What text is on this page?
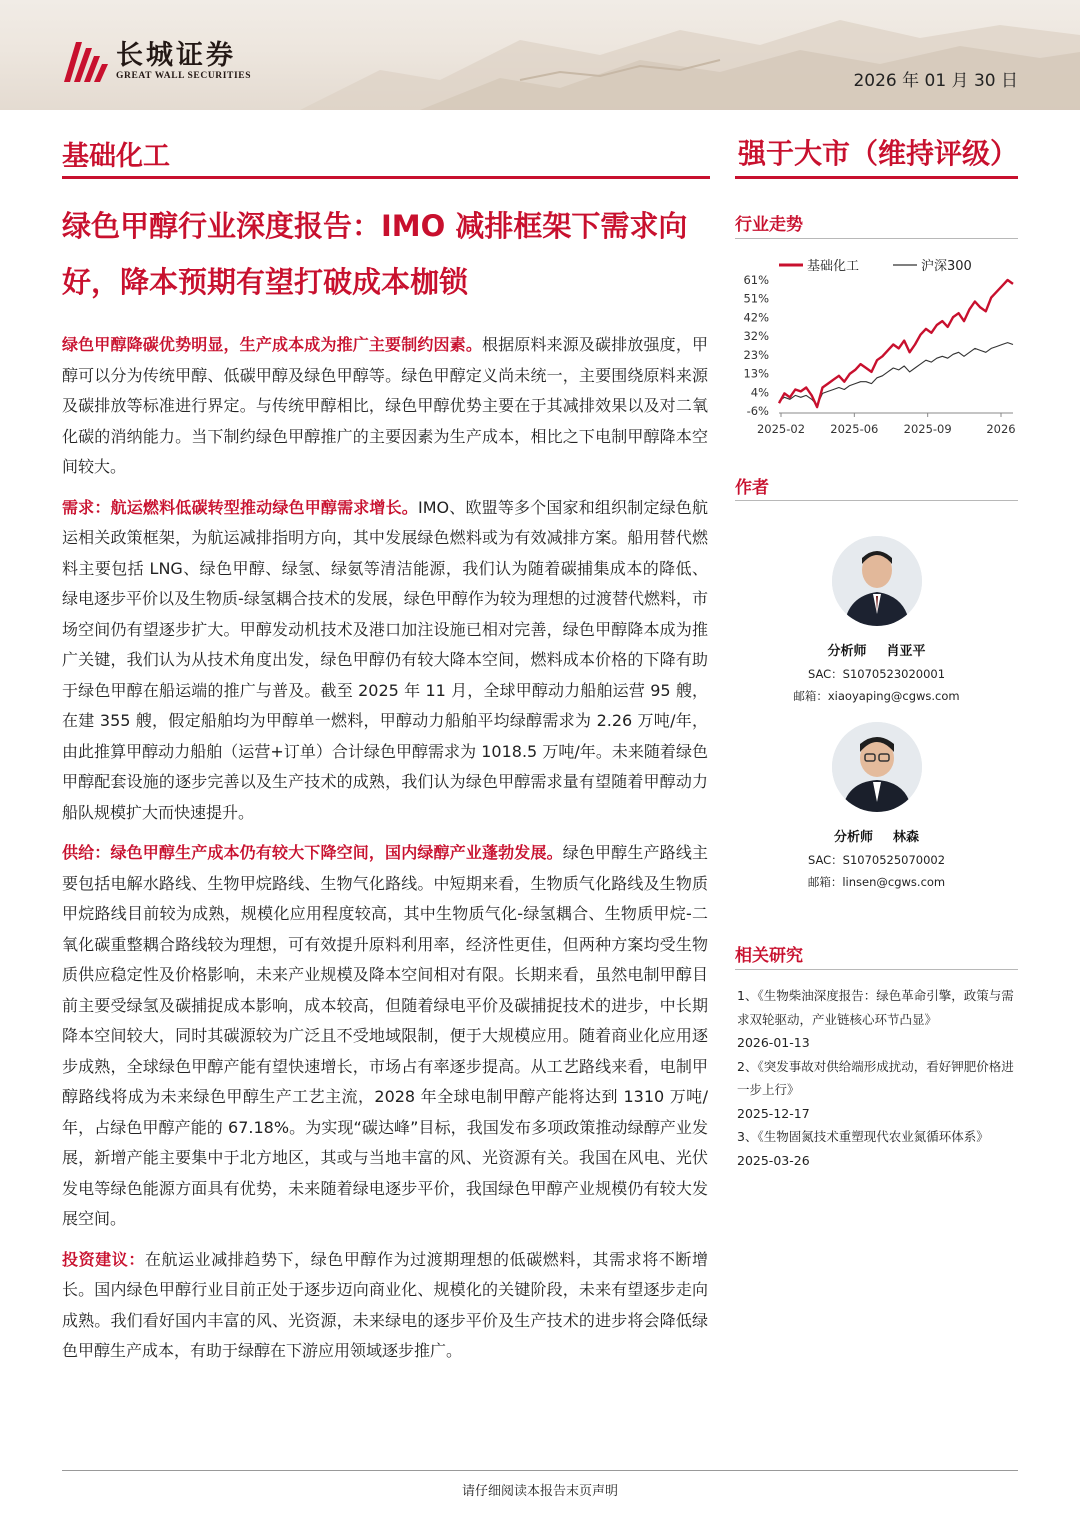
长城证券
GREAT WALL SECURITIES	2026 年 01 月 30 日
基础化工	强于大市（维持评级）
绿色甲醇行业深度报告：IMO 减排框架下需求向好，降本预期有望打破成本枷锁

绿色甲醇降碳优势明显，生产成本成为推广主要制约因素。根据原料来源及碳排放强度，甲醇可以分为传统甲醇、低碳甲醇及绿色甲醇等。绿色甲醇定义尚未统一，主要围绕原料来源及碳排放等标准进行界定。与传统甲醇相比，绿色甲醇优势主要在于其减排效果以及对二氧化碳的消纳能力。当下制约绿色甲醇推广的主要因素为生产成本，相比之下电制甲醇降本空间较大。

需求：航运燃料低碳转型推动绿色甲醇需求增长。IMO、欧盟等多个国家和组织制定绿色航运相关政策框架，为航运减排指明方向，其中发展绿色燃料或为有效减排方案。船用替代燃料主要包括 LNG、绿色甲醇、绿氢、绿氨等清洁能源，我们认为随着碳捕集成本的降低、绿电逐步平价以及生物质-绿氢耦合技术的发展，绿色甲醇作为较为理想的过渡替代燃料，市场空间仍有望逐步扩大。甲醇发动机技术及港口加注设施已相对完善，绿色甲醇降本成为推广关键，我们认为从技术角度出发，绿色甲醇仍有较大降本空间，燃料成本价格的下降有助于绿色甲醇在船运端的推广与普及。截至 2025 年 11 月，全球甲醇动力船舶运营 95 艘，在建 355 艘，假定船舶均为甲醇单一燃料，甲醇动力船舶平均绿醇需求为 2.26 万吨/年，由此推算甲醇动力船舶（运营+订单）合计绿色甲醇需求为 1018.5 万吨/年。未来随着绿色甲醇配套设施的逐步完善以及生产技术的成熟，我们认为绿色甲醇需求量有望随着甲醇动力船队规模扩大而快速提升。

供给：绿色甲醇生产成本仍有较大下降空间，国内绿醇产业蓬勃发展。绿色甲醇生产路线主要包括电解水路线、生物甲烷路线、生物气化路线。中短期来看，生物质气化路线及生物质甲烷路线目前较为成熟，规模化应用程度较高，其中生物质气化-绿氢耦合、生物质甲烷-二氧化碳重整耦合路线较为理想，可有效提升原料利用率，经济性更佳，但两种方案均受生物质供应稳定性及价格影响，未来产业规模及降本空间相对有限。长期来看，虽然电制甲醇目前主要受绿氢及碳捕捉成本影响，成本较高，但随着绿电平价及碳捕捉技术的进步，中长期降本空间较大，同时其碳源较为广泛且不受地域限制，便于大规模应用。随着商业化应用逐步成熟，全球绿色甲醇产能有望快速增长，市场占有率逐步提高。从工艺路线来看，电制甲醇路线将成为未来绿色甲醇生产工艺主流，2028 年全球电制甲醇产能将达到 1310 万吨/年，占绿色甲醇产能的 67.18%。为实现“碳达峰”目标，我国发布多项政策推动绿醇产业发展，新增产能主要集中于北方地区，其或与当地丰富的风、光资源有关。我国在风电、光伏发电等绿色能源方面具有优势，未来随着绿电逐步平价，我国绿色甲醇产业规模仍有较大发展空间。

投资建议：在航运业减排趋势下，绿色甲醇作为过渡期理想的低碳燃料，其需求将不断增长。国内绿色甲醇行业目前正处于逐步迈向商业化、规模化的关键阶段，未来有望逐步走向成熟。我们看好国内丰富的风、光资源，未来绿电的逐步平价及生产技术的进步将会降低绿色甲醇生产成本，有助于绿醇在下游应用领域逐步推广。

行业走势
基础化工	沪深300
61%
51%
42%
32%
23%
13%
4%
-6%
2025-02 2025-06 2025-09	2026
作者
分析师 肖亚平
SAC：S1070523020001
邮箱：xiaoyaping@cgws.com
分析师 林森
SAC：S1070525070002
邮箱：linsen@cgws.com
相关研究
1、《生物柴油深度报告：绿色革命引擎，政策与需求双轮驱动，产业链核心环节凸显》
2026-01-13
2、《突发事故对供给端形成扰动，看好钾肥价格进一步上行》
2025-12-17
3、《生物固氮技术重塑现代农业氮循环体系》
2025-03-26
请仔细阅读本报告末页声明
